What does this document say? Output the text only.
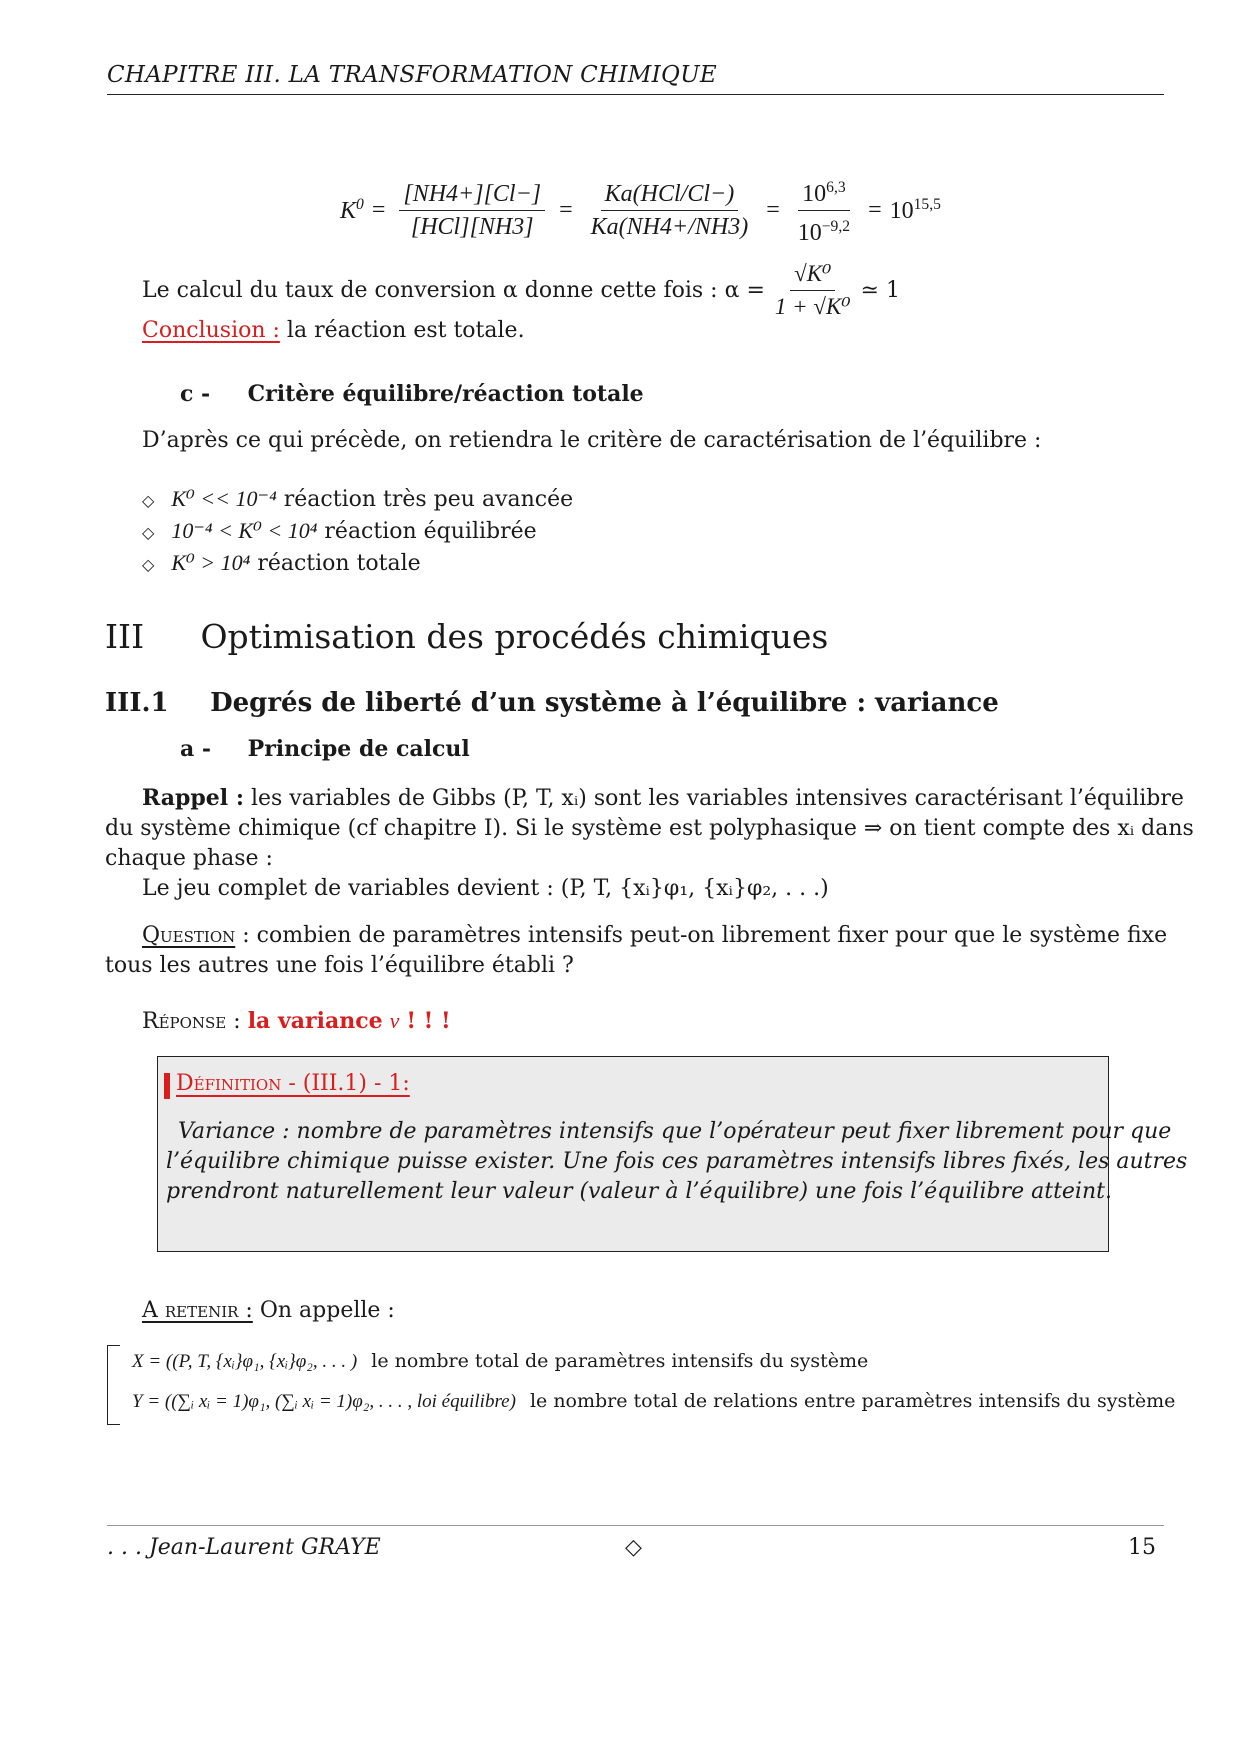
CHAPITRE III. LA TRANSFORMATION CHIMIQUE
$K^0 = \frac{[NH4+][Cl-]}{\text{[HCl][NH3]}} = \frac{\text{Ka(HCl/Cl−)}}{Ka(NH4+/NH3)} = \frac{10^{6,3}}{10^{-9,2}} = 10^{15,5}$
Le calcul du taux de conversion α donne cette fois : $\alpha = \frac{\text{√K⁰}}{\text{1 + √K⁰}}$ ≃ 1
Conclusion : la réaction est totale.
c - Critère équilibre/réaction totale
D’après ce qui précède, on retiendra le critère de caractérisation de l’équilibre :
◇ K⁰ << 10⁻⁴ réaction très peu avancée
◇ 10⁻⁴ < K⁰ < 10⁴ réaction équilibrée
◇ K⁰ > 10⁴ réaction totale
III Optimisation des procédés chimiques
III.1 Degrés de liberté d’un système à l’équilibre : variance
a - Principe de calcul
Rappel : les variables de Gibbs (P, T, xᵢ) sont les variables intensives caractérisant l’équilibre
du système chimique (cf chapitre I). Si le système est polyphasique ⇒ on tient compte des xᵢ dans
chaque phase :
Le jeu complet de variables devient : (P, T, {xᵢ}φ₁, {xᵢ}φ₂, . . .)
Question : combien de paramètres intensifs peut-on librement fixer pour que le système fixe
tous les autres une fois l’équilibre établi ?
Réponse : la variance v ! ! !
Définition - (III.1) - 1:
Variance : nombre de paramètres intensifs que l’opérateur peut fixer librement pour que
l’équilibre chimique puisse exister. Une fois ces paramètres intensifs libres fixés, les autres
prendront naturellement leur valeur (valeur à l’équilibre) une fois l’équilibre atteint.
A retenir : On appelle :
X = ((P, T, {xᵢ}φ₁, {xᵢ}φ₂, . . . ) le nombre total de paramètres intensifs du système
Y = ((∑ᵢ xᵢ = 1)φ₁, (∑ᵢ xᵢ = 1)φ₂, . . . , loi équilibre) le nombre total de relations entre paramètres intensifs du système
. . . Jean-Laurent GRAYE	◇	15
